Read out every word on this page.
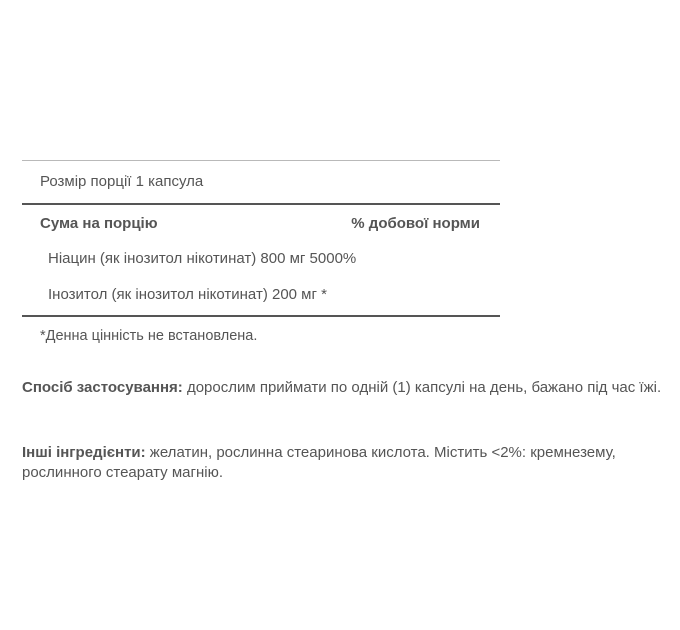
Розмір порції 1 капсула
Сума на порцію	% добової норми
Ніацин (як інозитол нікотинат) 800 мг 5000%
Інозитол (як інозитол нікотинат) 200 мг *
*Денна цінність не встановлена.

Спосіб застосування: дорослим приймати по одній (1) капсулі на день, бажано під час їжі.

Інші інгредієнти: желатин, рослинна стеаринова кислота. Містить <2%: кремнезему, рослинного стеарату магнію.
